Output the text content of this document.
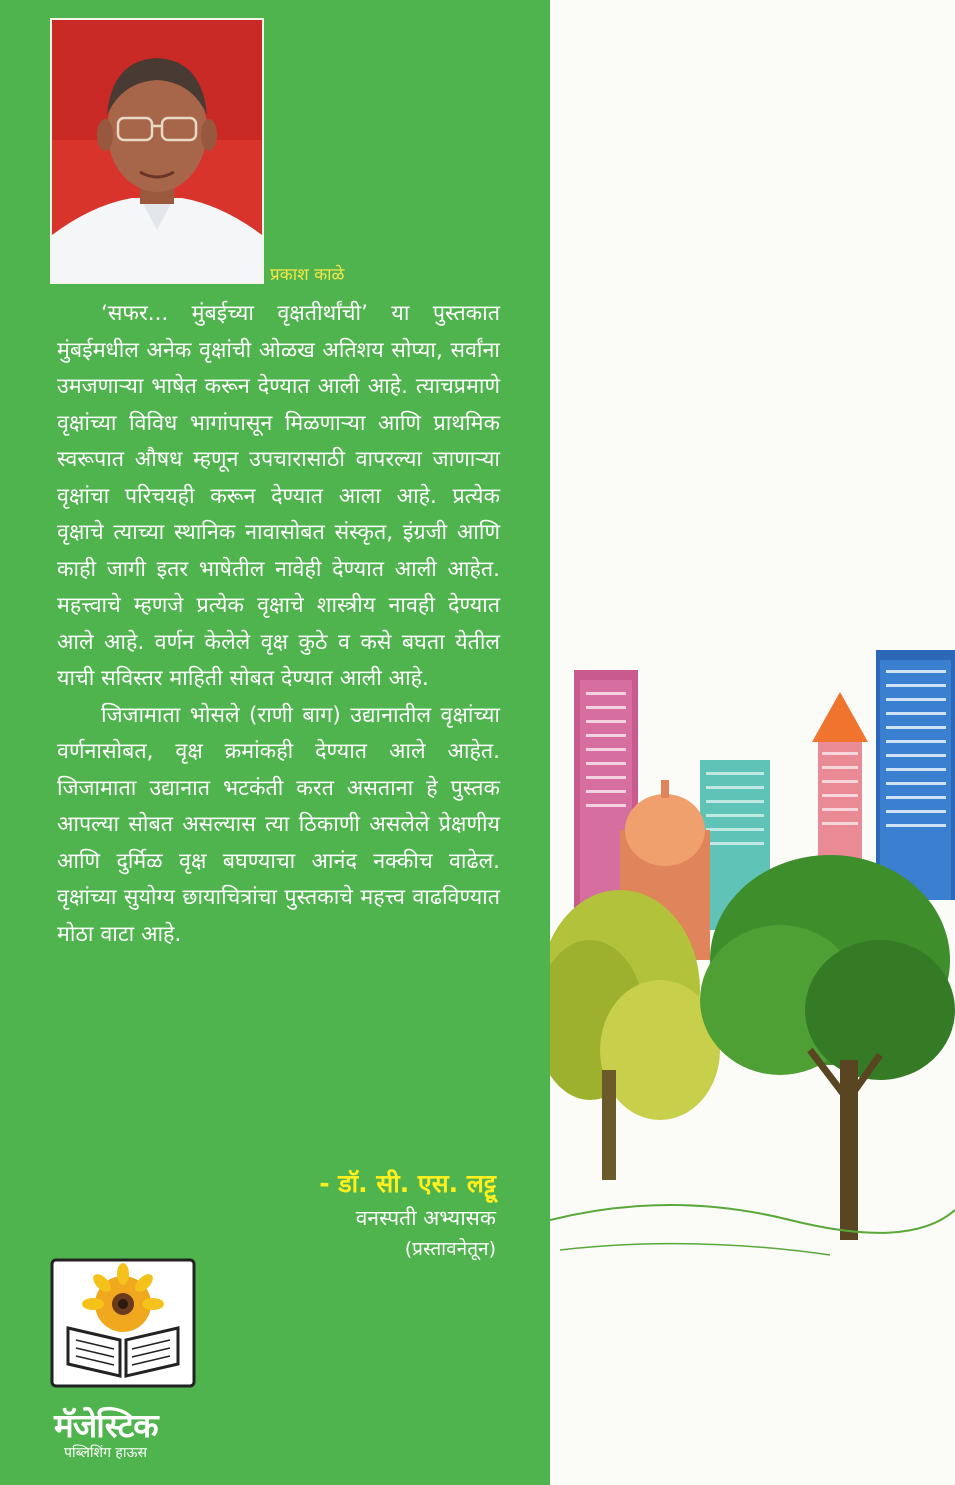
प्रकाश काळे

‘सफर... मुंबईच्या वृक्षतीर्थांची’ या पुस्तकात मुंबईमधील अनेक वृक्षांची ओळख अतिशय सोप्या, सर्वांना उमजणाऱ्या भाषेत करून देण्यात आली आहे. त्याचप्रमाणे वृक्षांच्या विविध भागांपासून मिळणाऱ्या आणि प्राथमिक स्वरूपात औषध म्हणून उपचारासाठी वापरल्या जाणाऱ्या वृक्षांचा परिचयही करून देण्यात आला आहे. प्रत्येक वृक्षाचे त्याच्या स्थानिक नावासोबत संस्कृत, इंग्रजी आणि काही जागी इतर भाषेतील नावेही देण्यात आली आहेत. महत्त्वाचे म्हणजे प्रत्येक वृक्षाचे शास्त्रीय नावही देण्यात आले आहे. वर्णन केलेले वृक्ष कुठे व कसे बघता येतील याची सविस्तर माहिती सोबत देण्यात आली आहे.

जिजामाता भोसले (राणी बाग) उद्यानातील वृक्षांच्या वर्णनासोबत, वृक्ष क्रमांकही देण्यात आले आहेत. जिजामाता उद्यानात भटकंती करत असताना हे पुस्तक आपल्या सोबत असल्यास त्या ठिकाणी असलेले प्रेक्षणीय आणि दुर्मिळ वृक्ष बघण्याचा आनंद नक्कीच वाढेल. वृक्षांच्या सुयोग्य छायाचित्रांचा पुस्तकाचे महत्त्व वाढविण्यात मोठा वाटा आहे.

- डॉ. सी. एस. लट्टू
वनस्पती अभ्यासक
(प्रस्तावनेतून)
मॅजेस्टिक
पब्लिशिंग हाऊस
